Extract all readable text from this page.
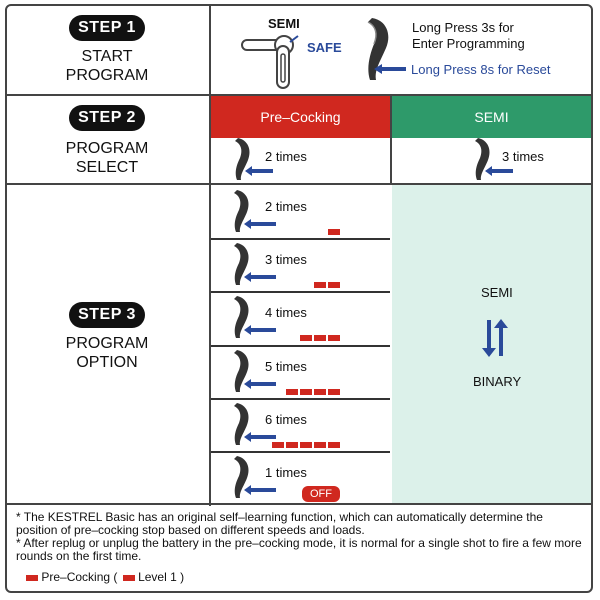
STEP 1
START
PROGRAM
SEMI
SAFE
Long Press 3s for
Enter Programming
Long Press 8s for Reset
STEP 2
PROGRAM
SELECT
Pre–Cocking	SEMI
2 times	3 times
STEP 3
PROGRAM
OPTION
SEMI
BINARY
2 times
3 times
4 times
5 times
6 times
1 times
OFF
* The KESTREL Basic has an original self–learning function, which can automatically determine the position of pre–cocking stop based on different speeds and loads.
* After replug or unplug the battery in the pre–cocking mode, it is normal for a single shot to fire a few more rounds on the first time.
Pre–Cocking ( Level 1 )
